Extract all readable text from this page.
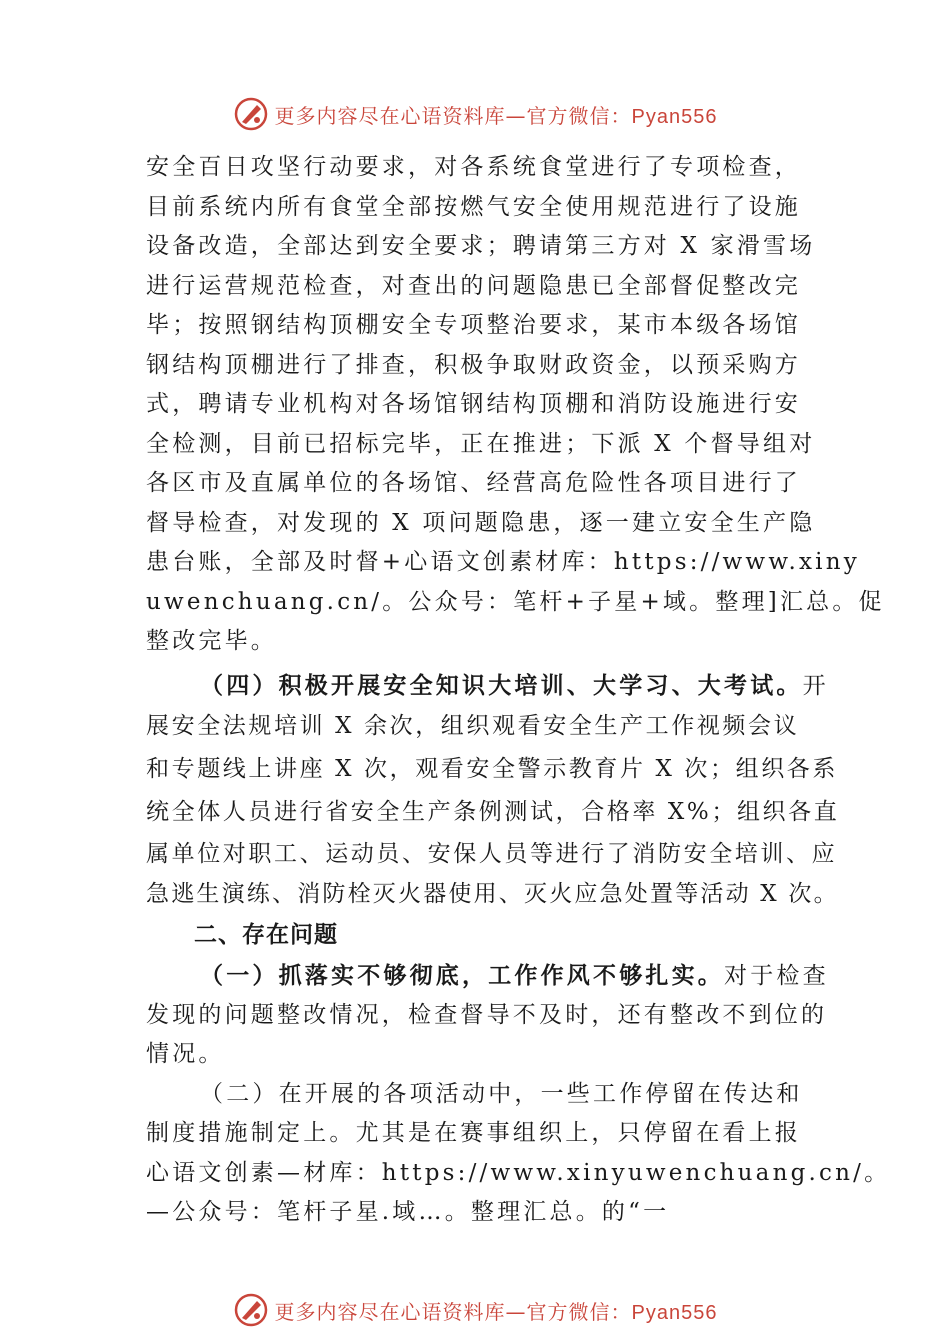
更多内容尽在心语资料库—官方微信：Pyan556
安全百日攻坚行动要求，对各系统食堂进行了专项检查，
目前系统内所有食堂全部按燃气安全使用规范进行了设施
设备改造，全部达到安全要求；聘请第三方对 X 家滑雪场
进行运营规范检查，对查出的问题隐患已全部督促整改完
毕；按照钢结构顶棚安全专项整治要求，某市本级各场馆
钢结构顶棚进行了排查，积极争取财政资金，以预采购方
式，聘请专业机构对各场馆钢结构顶棚和消防设施进行安
全检测，目前已招标完毕，正在推进；下派 X 个督导组对
各区市及直属单位的各场馆、经营高危险性各项目进行了
督导检查，对发现的 X 项问题隐患，逐一建立安全生产隐
患台账，全部及时督+心语文创素材库：https://www.xiny
uwenchuang.cn/。公众号：笔杆+子星+域。整理]汇总。促
整改完毕。
（四）积极开展安全知识大培训、大学习、大考试。开
展安全法规培训 X 余次，组织观看安全生产工作视频会议
和专题线上讲座 X 次，观看安全警示教育片 X 次；组织各系
统全体人员进行省安全生产条例测试，合格率 X%；组织各直
属单位对职工、运动员、安保人员等进行了消防安全培训、应
急逃生演练、消防栓灭火器使用、灭火应急处置等活动 X 次。
二、存在问题
（一）抓落实不够彻底，工作作风不够扎实。对于检查
发现的问题整改情况，检查督导不及时，还有整改不到位的
情况。
（二）在开展的各项活动中，一些工作停留在传达和
制度措施制定上。尤其是在赛事组织上，只停留在看上报
心语文创素—材库：https://www.xinyuwenchuang.cn/。
—公众号：笔杆子星.域…。整理汇总。的“一
更多内容尽在心语资料库—官方微信：Pyan556
